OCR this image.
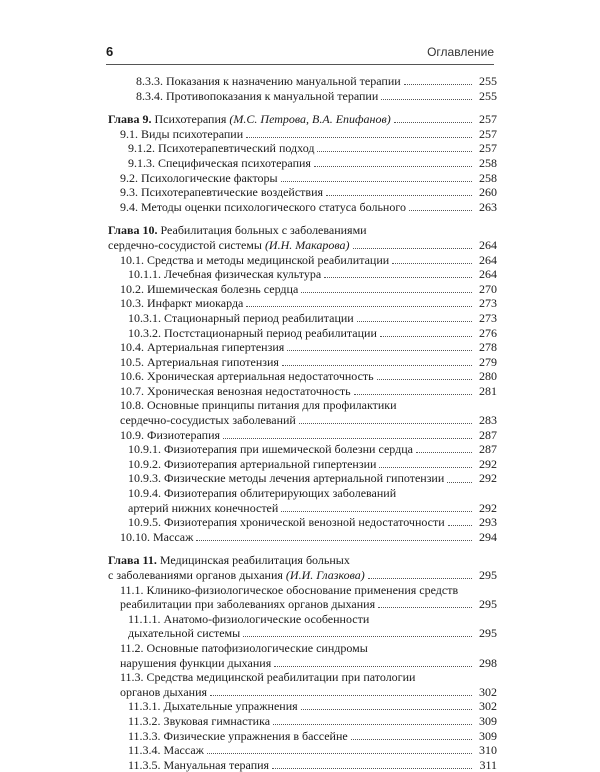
6	Оглавление
8.3.3. Показания к назначению мануальной терапии	255
8.3.4. Противопоказания к мануальной терапии	255
Глава 9. Психотерапия (М.С. Петрова, В.А. Епифанов)	257
9.1. Виды психотерапии	257
9.1.2. Психотерапевтический подход	257
9.1.3. Специфическая психотерапия	258
9.2. Психологические факторы	258
9.3. Психотерапевтические воздействия	260
9.4. Методы оценки психологического статуса больного	263
Глава 10. Реабилитация больных с заболеваниями
сердечно-сосудистой системы (И.Н. Макарова)	264
10.1. Средства и методы медицинской реабилитации	264
10.1.1. Лечебная физическая культура	264
10.2. Ишемическая болезнь сердца	270
10.3. Инфаркт миокарда	273
10.3.1. Стационарный период реабилитации	273
10.3.2. Постстационарный период реабилитации	276
10.4. Артериальная гипертензия	278
10.5. Артериальная гипотензия	279
10.6. Хроническая артериальная недостаточность	280
10.7. Хроническая венозная недостаточность	281
10.8. Основные принципы питания для профилактики
сердечно-сосудистых заболеваний	283
10.9. Физиотерапия	287
10.9.1. Физиотерапия при ишемической болезни сердца	287
10.9.2. Физиотерапия артериальной гипертензии	292
10.9.3. Физические методы лечения артериальной гипотензии	292
10.9.4. Физиотерапия облитерирующих заболеваний
артерий нижних конечностей	292
10.9.5. Физиотерапия хронической венозной недостаточности	293
10.10. Массаж	294
Глава 11. Медицинская реабилитация больных
с заболеваниями органов дыхания (И.И. Глазкова)	295
11.1. Клинико-физиологическое обоснование применения средств
реабилитации при заболеваниях органов дыхания	295
11.1.1. Анатомо-физиологические особенности
дыхательной системы	295
11.2. Основные патофизиологические синдромы
нарушения функции дыхания	298
11.3. Средства медицинской реабилитации при патологии
органов дыхания	302
11.3.1. Дыхательные упражнения	302
11.3.2. Звуковая гимнастика	309
11.3.3. Физические упражнения в бассейне	309
11.3.4. Массаж	310
11.3.5. Мануальная терапия	311
